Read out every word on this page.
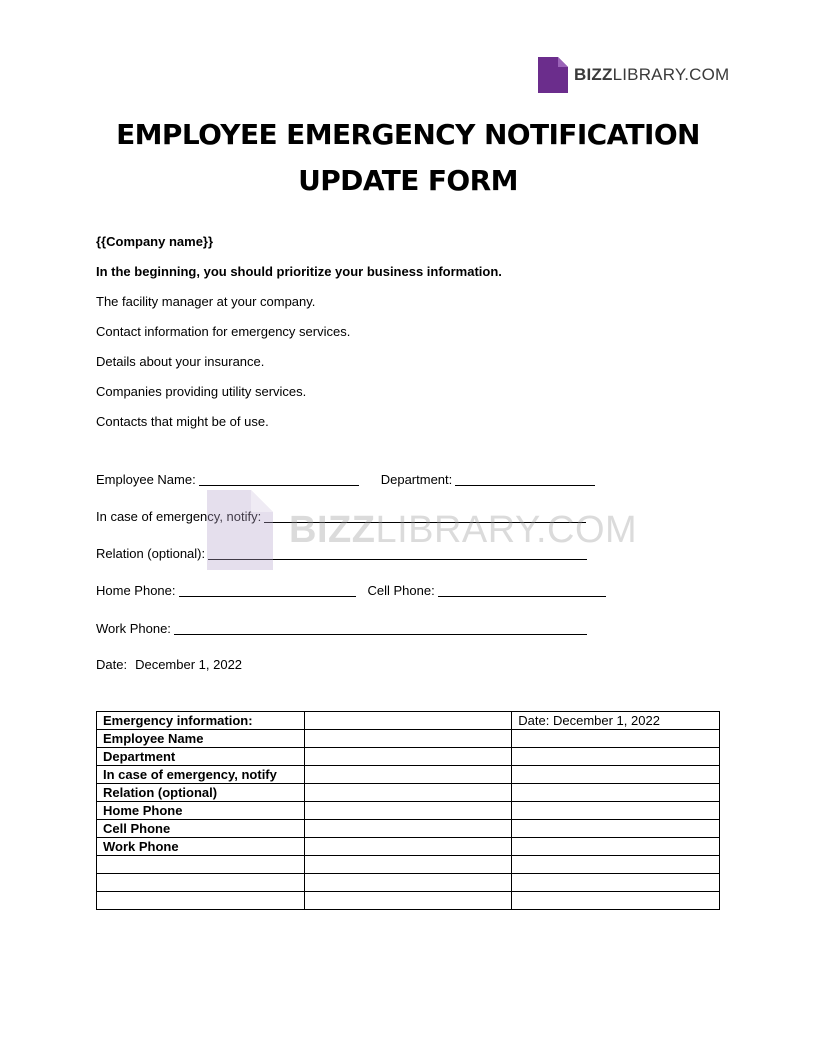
BIZZLIBRARY.COM
EMPLOYEE EMERGENCY NOTIFICATION
UPDATE FORM

{{Company name}}

In the beginning, you should prioritize your business information.

The facility manager at your company.

Contact information for emergency services.

Details about your insurance.

Companies providing utility services.

Contacts that might be of use.

Employee Name:	Department:
In case of emergency, notify:
Relation (optional):
Home Phone:	Cell Phone:
Work Phone:
Date: December 1, 2022
BIZZLIBRARY.COM
Emergency information:		Date: December 1, 2022
Employee Name		
Department		
In case of emergency, notify		
Relation (optional)		
Home Phone		
Cell Phone		
Work Phone		
